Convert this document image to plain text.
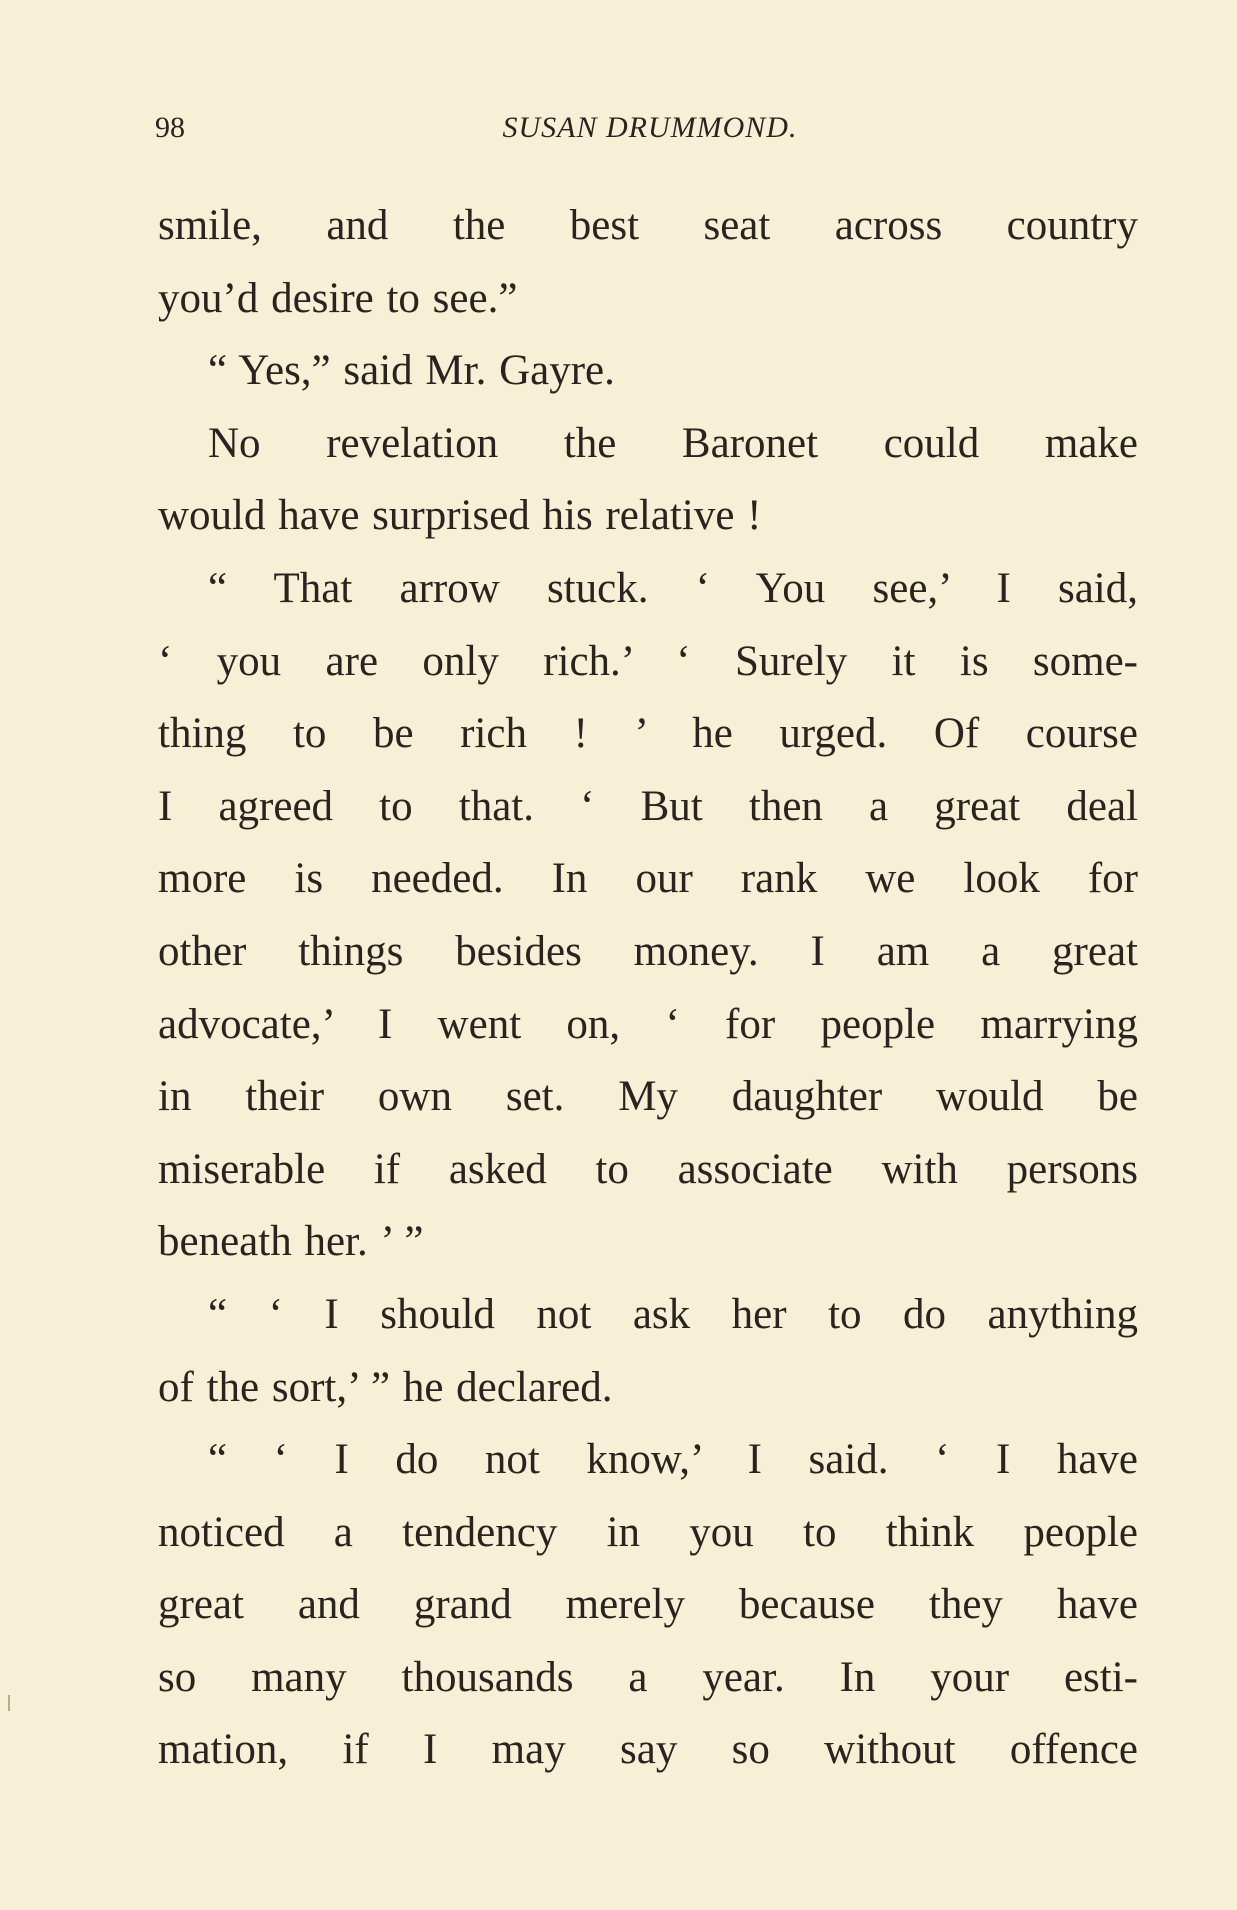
98	SUSAN DRUMMOND.
smile, and the best seat across country
you’d desire to see.”
“ Yes,” said Mr. Gayre.
No revelation the Baronet could make
would have surprised his relative !
“ That arrow stuck. ‘ You see,’ I said,
‘ you are only rich.’ ‘ Surely it is some-
thing to be rich ! ’ he urged. Of course
I agreed to that. ‘ But then a great deal
more is needed. In our rank we look for
other things besides money. I am a great
advocate,’ I went on, ‘ for people marrying
in their own set. My daughter would be
miserable if asked to associate with persons
beneath her. ’ ”
“ ‘ I should not ask her to do anything
of the sort,’ ” he declared.
“ ‘ I do not know,’ I said. ‘ I have
noticed a tendency in you to think people
great and grand merely because they have
so many thousands a year. In your esti-
mation, if I may say so without offence
